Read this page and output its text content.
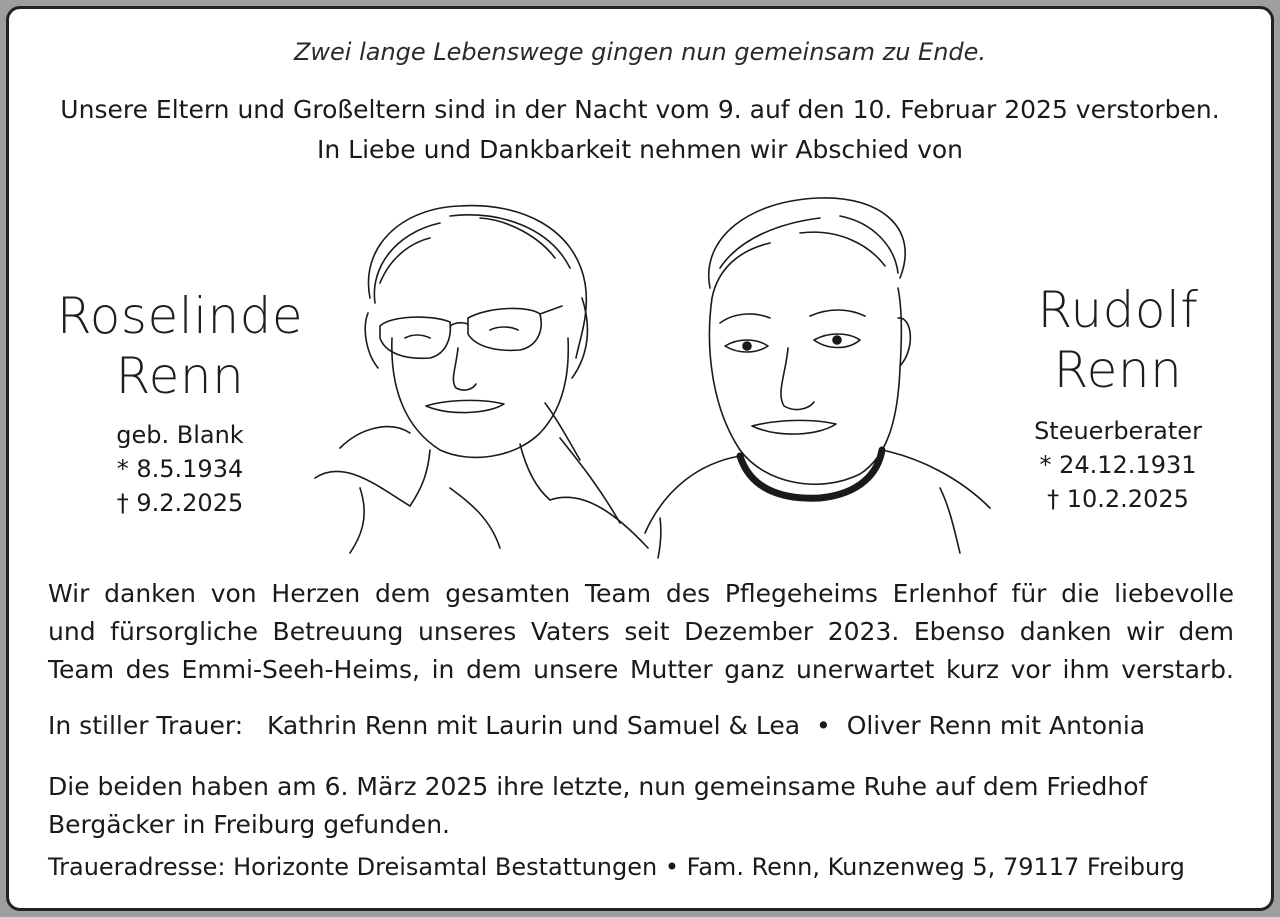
Zwei lange Lebenswege gingen nun gemeinsam zu Ende.
Unsere Eltern und Großeltern sind in der Nacht vom 9. auf den 10. Februar 2025 verstorben.
In Liebe und Dankbarkeit nehmen wir Abschied von
Roselinde
Renn
geb. Blank
* 8.5.1934
† 9.2.2025
Rudolf
Renn
Steuerberater
* 24.12.1931
† 10.2.2025
Wir danken von Herzen dem gesamten Team des Pflegeheims Erlenhof für die liebevolle
und fürsorgliche Betreuung unseres Vaters seit Dezember 2023. Ebenso danken wir dem
Team des Emmi-Seeh-Heims, in dem unsere Mutter ganz unerwartet kurz vor ihm verstarb.
In stiller Trauer: Kathrin Renn mit Laurin und Samuel & Lea • Oliver Renn mit Antonia
Die beiden haben am 6. März 2025 ihre letzte, nun gemeinsame Ruhe auf dem Friedhof
Bergäcker in Freiburg gefunden.
Traueradresse: Horizonte Dreisamtal Bestattungen • Fam. Renn, Kunzenweg 5, 79117 Freiburg
